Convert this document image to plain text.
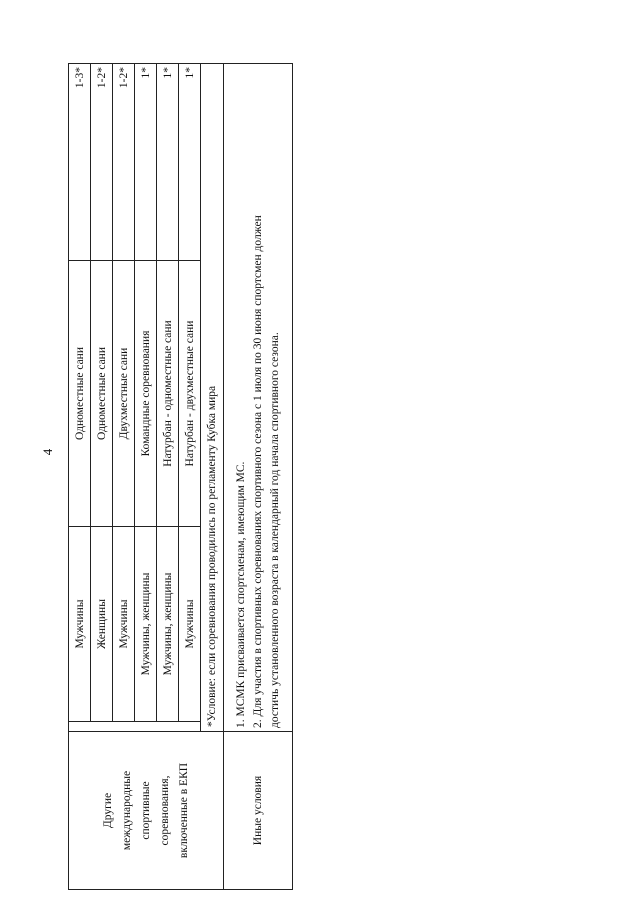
4
Другие международные спортивные соревнования, включенные в ЕКП		Мужчины	Одноместные сани	1-3*
		Женщины	Одноместные сани	1-2*
		Мужчины	Двухместные сани	1-2*
		Мужчины, женщины	Командные соревнования	1*
		Мужчины, женщины	Натурбан - одноместные сани	1*
		Мужчины	Натурбан - двухместные сани	1*
	*Условие: если соревнования проводились по регламенту Кубка мира			
Иные условия	1. МСМК присваивается спортсменам, имеющим МС. 2. Для участия в спортивных соревнованиях спортивного сезона с 1 июля по 30 июня спортсмен должен достичь установленного возраста в календарный год начала спортивного сезона.			
